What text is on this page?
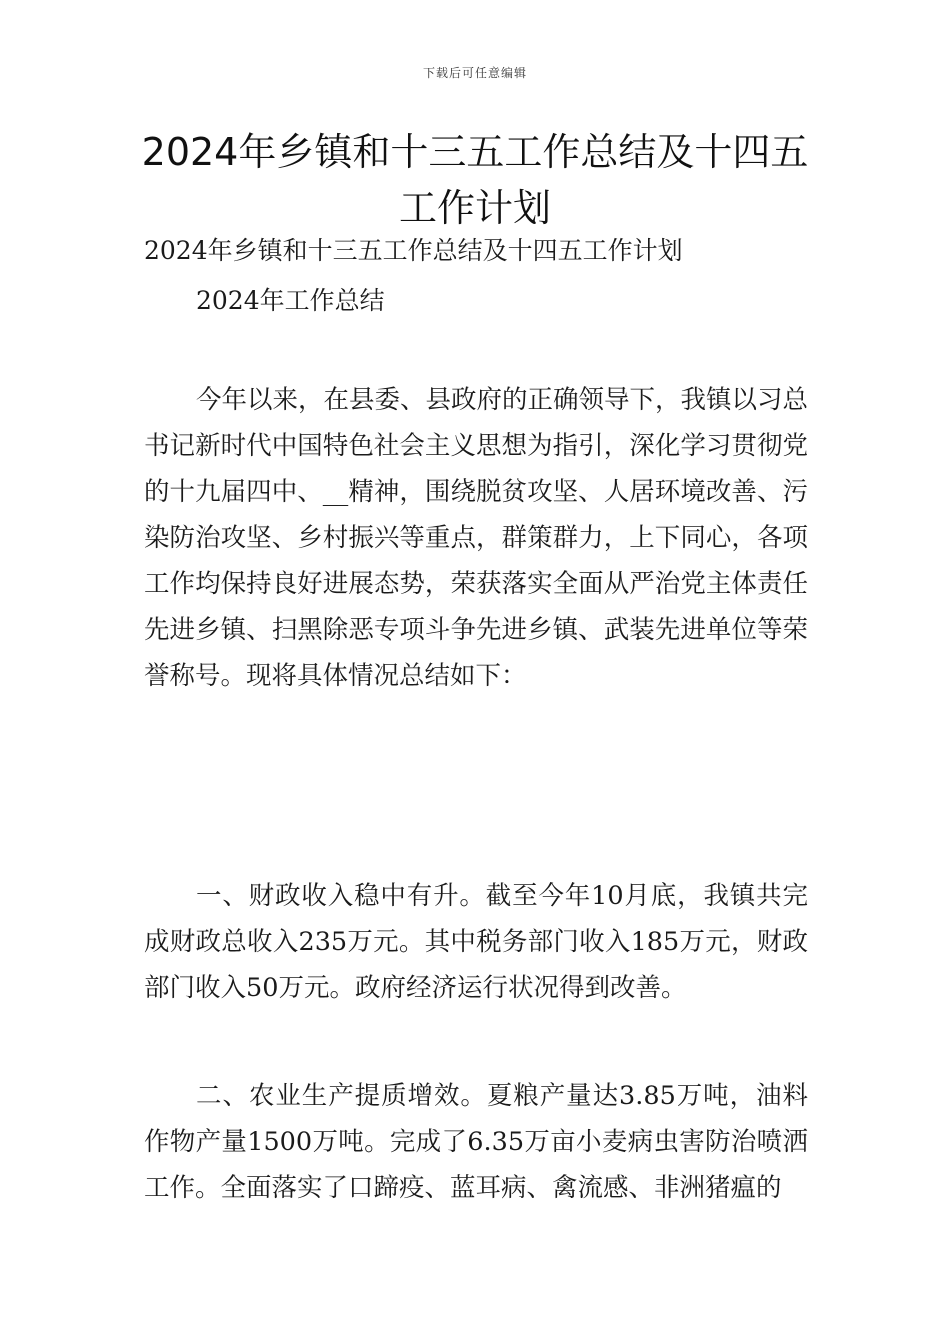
下载后可任意编辑
2024年乡镇和十三五工作总结及十四五工作计划
2024年乡镇和十三五工作总结及十四五工作计划
2024年工作总结
今年以来，在县委、县政府的正确领导下，我镇以习总书记新时代中国特色社会主义思想为指引，深化学习贯彻党的十九届四中、__精神，围绕脱贫攻坚、人居环境改善、污染防治攻坚、乡村振兴等重点，群策群力，上下同心，各项工作均保持良好进展态势，荣获落实全面从严治党主体责任先进乡镇、扫黑除恶专项斗争先进乡镇、武装先进单位等荣誉称号。现将具体情况总结如下：
一、财政收入稳中有升。截至今年10月底，我镇共完成财政总收入235万元。其中税务部门收入185万元，财政部门收入50万元。政府经济运行状况得到改善。
二、农业生产提质增效。夏粮产量达3.85万吨，油料作物产量1500万吨。完成了6.35万亩小麦病虫害防治喷洒工作。全面落实了口蹄疫、蓝耳病、禽流感、非洲猪瘟的
